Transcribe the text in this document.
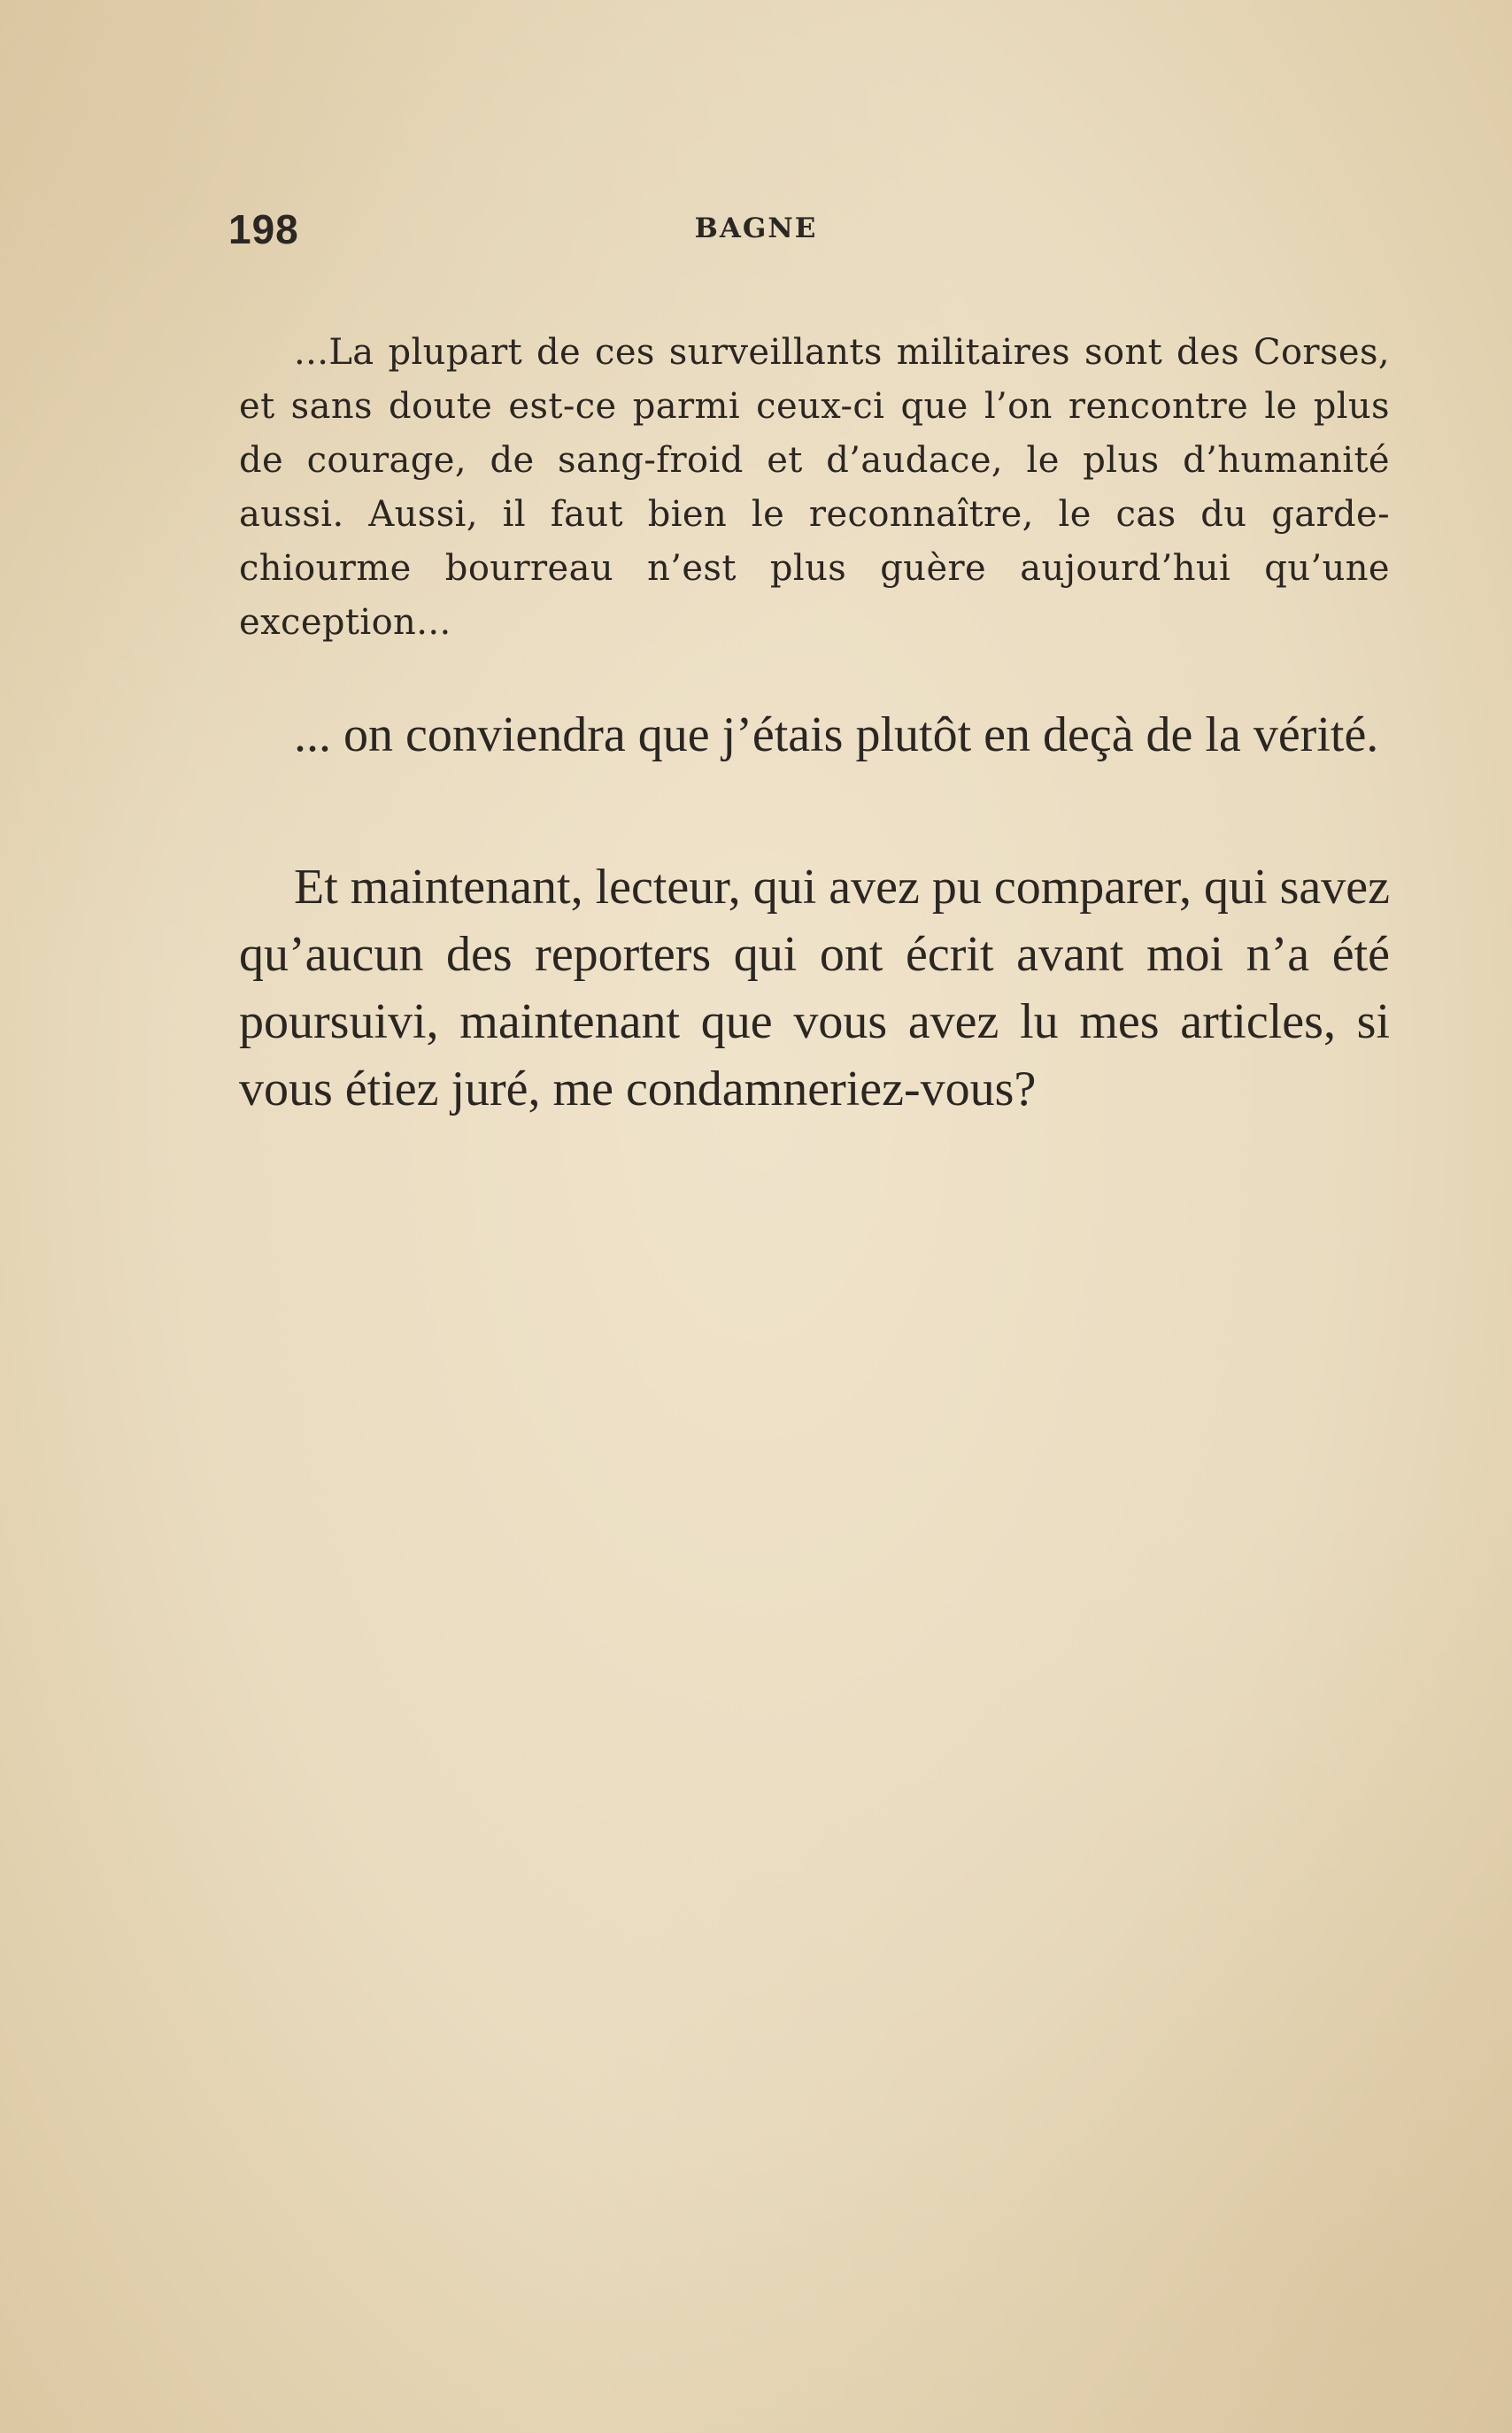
198	BAGNE

...La plupart de ces surveillants militaires sont des Corses, et sans doute est-ce parmi ceux-ci que l’on rencontre le plus de courage, de sang-froid et d’audace, le plus d’humanité aussi. Aussi, il faut bien le reconnaître, le cas du garde-chiourme bourreau n’est plus guère aujourd’hui qu’une exception...

... on conviendra que j’étais plutôt en deçà de la vérité.

Et maintenant, lecteur, qui avez pu comparer, qui savez qu’aucun des reporters qui ont écrit avant moi n’a été poursuivi, maintenant que vous avez lu mes articles, si vous étiez juré, me condamneriez-vous?
